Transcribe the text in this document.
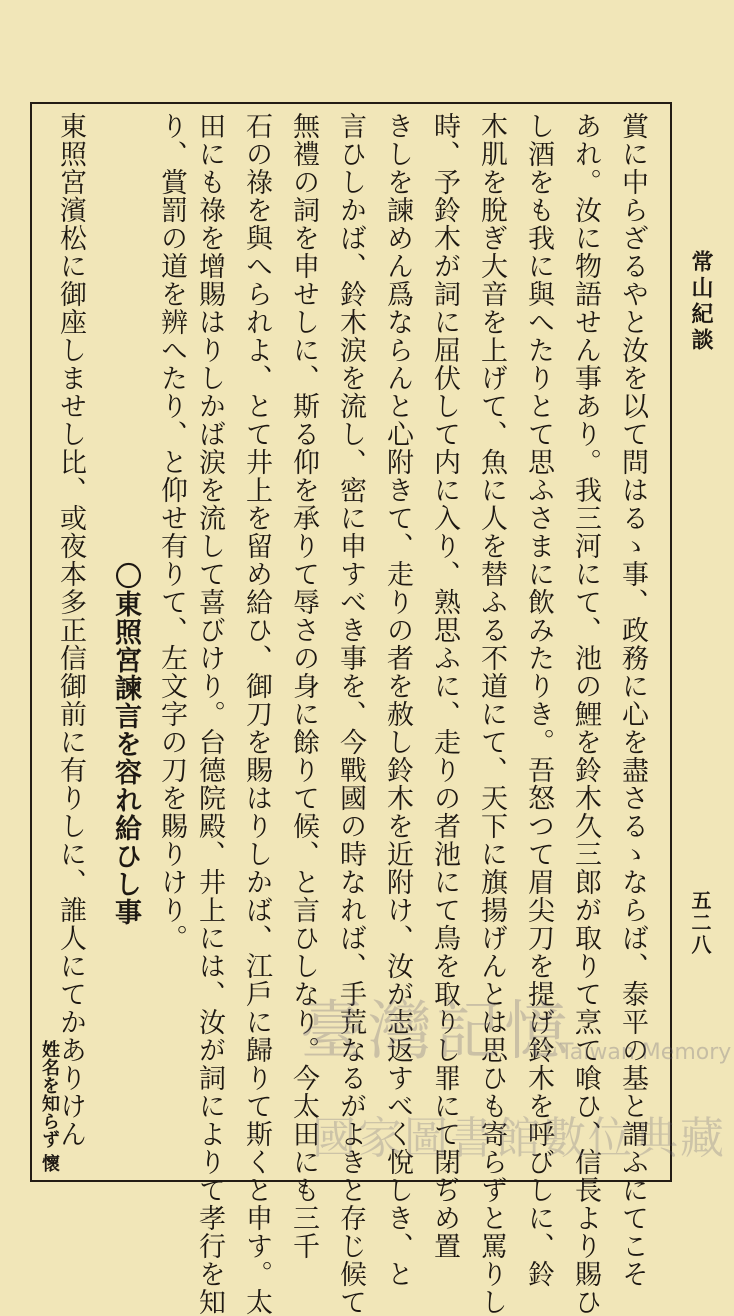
常山紀談
五二八
賞に中らざるやと汝を以て問はるゝ事、政務に心を盡さるゝならば、泰平の基と謂ふにてこそ
あれ。汝に物語せん事あり。我三河にて、池の鯉を鈴木久三郎が取りて烹て喰ひ、信長より賜ひ
し酒をも我に與へたりとて思ふさまに飲みたりき。吾怒つて眉尖刀を提げ鈴木を呼びしに、鈴
木肌を脫ぎ大音を上げて、魚に人を替ふる不道にて、天下に旗揚げんとは思ひも寄らずと罵りし
時、予鈴木が詞に屈伏して内に入り、熟思ふに、走りの者池にて鳥を取りし罪にて閉ぢめ置
きしを諫めん爲ならんと心附きて、走りの者を赦し鈴木を近附け、汝が志返すべく悅しき、と
言ひしかば、鈴木涙を流し、密に申すべき事を、今戰國の時なれば、手荒なるがよきと存じ候て
無禮の詞を申せしに、斯る仰を承りて辱さの身に餘りて候、と言ひしなり。今太田にも三千
石の祿を與へられよ、とて井上を留め給ひ、御刀を賜はりしかば、江戶に歸りて斯くと申す。太
田にも祿を增賜はりしかば涙を流して喜びけり。台德院殿、井上には、汝が詞によりて孝行を知
り、賞罰の道を辨へたり、と仰せ有りて、左文字の刀を賜りけり。
〇東照宮諫言を容れ給ひし事
東照宮濱松に御座しませし比、或夜本多正信御前に有りしに、誰人にてかありけん
姓名を知らず 懷
臺灣記憶
Taiwan Memory
國家圖書館數位典藏
